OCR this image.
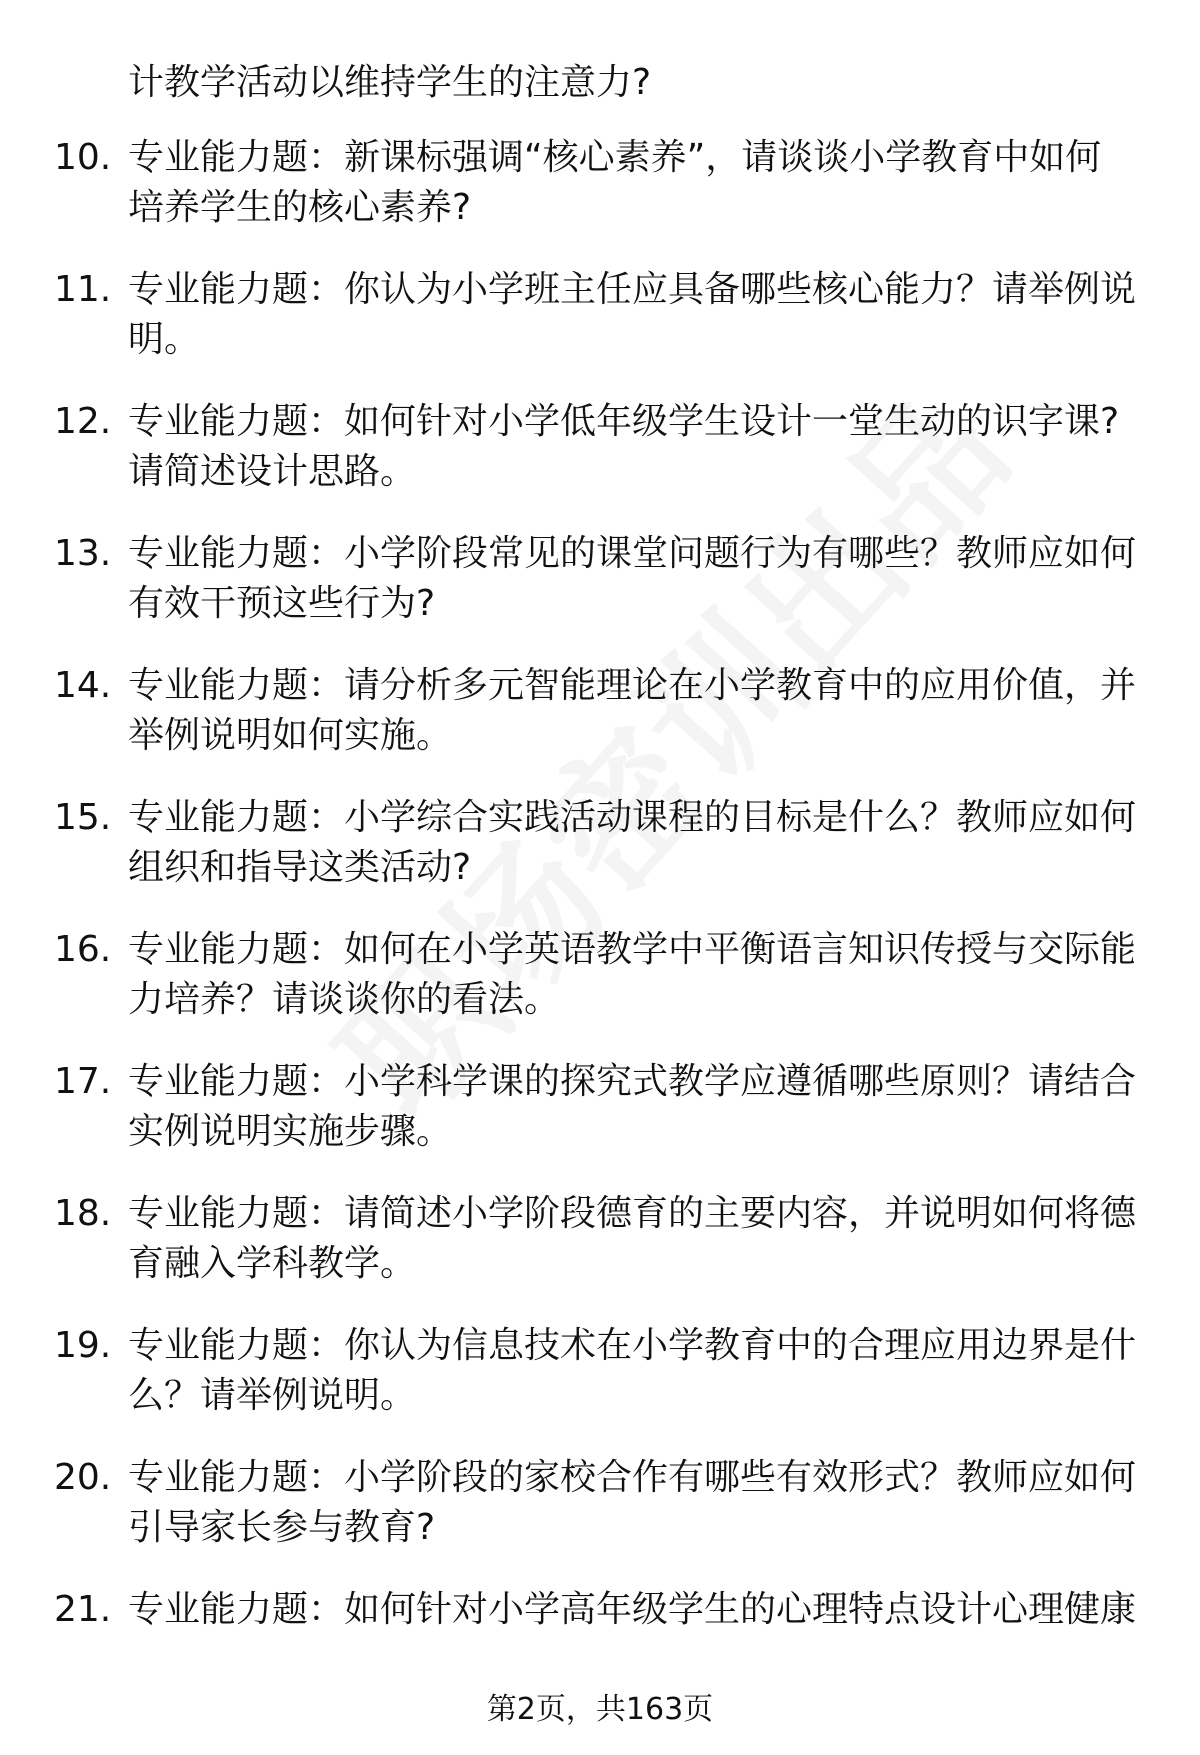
计教学活动以维持学生的注意力?
10. 专业能力题：新课标强调“核心素养”，请谈谈小学教育中如何
培养学生的核心素养?
11. 专业能力题：你认为小学班主任应具备哪些核心能力？请举例说
明。
12. 专业能力题：如何针对小学低年级学生设计一堂生动的识字课?
请简述设计思路。
13. 专业能力题：小学阶段常见的课堂问题行为有哪些？教师应如何
有效干预这些行为?
14. 专业能力题：请分析多元智能理论在小学教育中的应用价值，并
举例说明如何实施。
15. 专业能力题：小学综合实践活动课程的目标是什么？教师应如何
组织和指导这类活动?
16. 专业能力题：如何在小学英语教学中平衡语言知识传授与交际能
力培养？请谈谈你的看法。
17. 专业能力题：小学科学课的探究式教学应遵循哪些原则？请结合
实例说明实施步骤。
18. 专业能力题：请简述小学阶段德育的主要内容，并说明如何将德
育融入学科教学。
19. 专业能力题：你认为信息技术在小学教育中的合理应用边界是什
么？请举例说明。
20. 专业能力题：小学阶段的家校合作有哪些有效形式？教师应如何
引导家长参与教育?
21. 专业能力题：如何针对小学高年级学生的心理特点设计心理健康
第2页，共163页
